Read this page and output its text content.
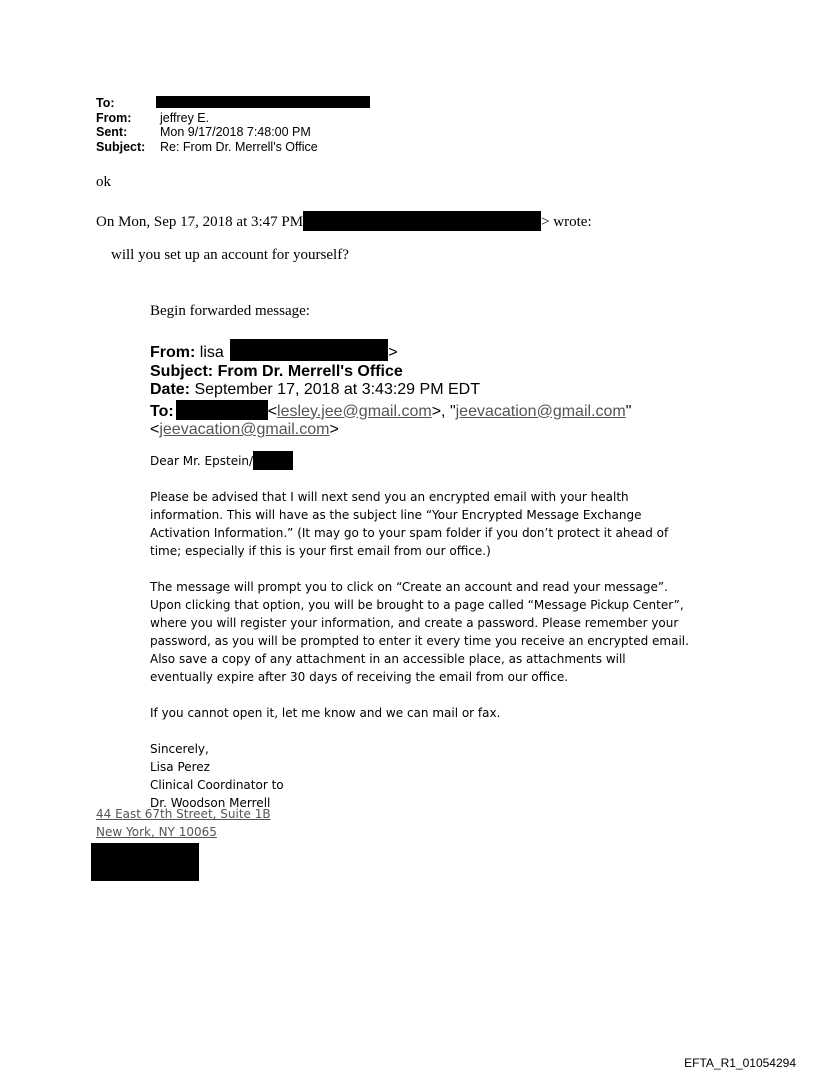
To:
From:	jeffrey E.
Sent:	Mon 9/17/2018 7:48:00 PM
Subject:	Re: From Dr. Merrell's Office
ok
On Mon, Sep 17, 2018 at 3:47 PM	> wrote:
will you set up an account for yourself?
Begin forwarded message:
From: lisa	>
Subject: From Dr. Merrell's Office
Date: September 17, 2018 at 3:43:29 PM EDT
To:	<lesley.jee@gmail.com>, "jeevacation@gmail.com"
<jeevacation@gmail.com>

Dear Mr. Epstein/

Please be advised that I will next send you an encrypted email with your health information. This will have as the subject line “Your Encrypted Message Exchange Activation Information.” (It may go to your spam folder if you don’t protect it ahead of time; especially if this is your first email from our office.)

The message will prompt you to click on “Create an account and read your message”. Upon clicking that option, you will be brought to a page called “Message Pickup Center”, where you will register your information, and create a password. Please remember your password, as you will be prompted to enter it every time you receive an encrypted email. Also save a copy of any attachment in an accessible place, as attachments will eventually expire after 30 days of receiving the email from our office.

If you cannot open it, let me know and we can mail or fax.

Sincerely,

Lisa Perez

Clinical Coordinator to

Dr. Woodson Merrell

44 East 67th Street, Suite 1B
New York, NY 10065
EFTA_R1_01054294
